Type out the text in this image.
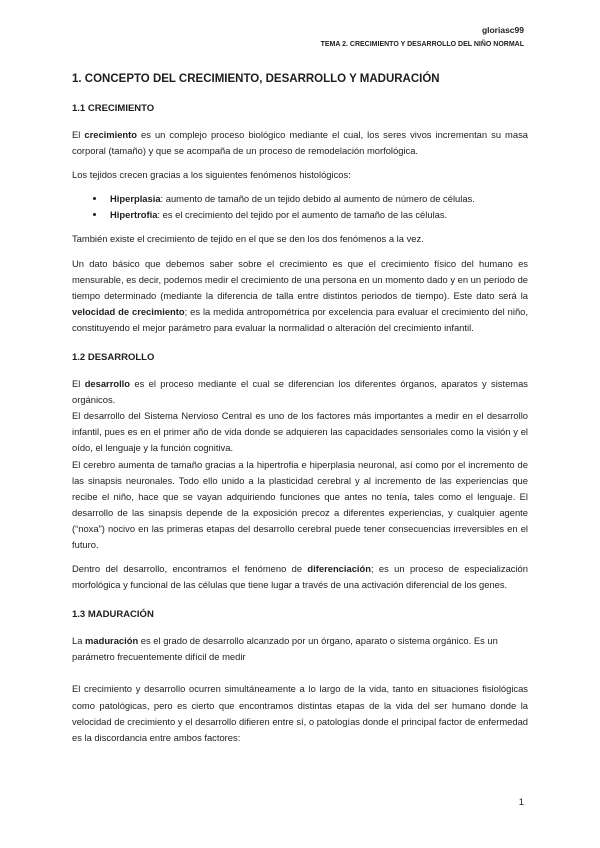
gloriasc99
TEMA 2. CRECIMIENTO Y DESARROLLO DEL NIÑO NORMAL
1. CONCEPTO DEL CRECIMIENTO, DESARROLLO Y MADURACIÓN
1.1 CRECIMIENTO

El crecimiento es un complejo proceso biológico mediante el cual, los seres vivos incrementan su masa corporal (tamaño) y que se acompaña de un proceso de remodelación morfológica.

Los tejidos crecen gracias a los siguientes fenómenos histológicos:

• Hiperplasia: aumento de tamaño de un tejido debido al aumento de número de células.
• Hipertrofia: es el crecimiento del tejido por el aumento de tamaño de las células.

También existe el crecimiento de tejido en el que se den los dos fenómenos a la vez.

Un dato básico que debemos saber sobre el crecimiento es que el crecimiento físico del humano es mensurable, es decir, podemos medir el crecimiento de una persona en un momento dado y en un periodo de tiempo determinado (mediante la diferencia de talla entre distintos periodos de tiempo). Este dato será la velocidad de crecimiento; es la medida antropométrica por excelencia para evaluar el crecimiento del niño, constituyendo el mejor parámetro para evaluar la normalidad o alteración del crecimiento infantil.

1.2 DESARROLLO

El desarrollo es el proceso mediante el cual se diferencian los diferentes órganos, aparatos y sistemas orgánicos.

El desarrollo del Sistema Nervioso Central es uno de los factores más importantes a medir en el desarrollo infantil, pues es en el primer año de vida donde se adquieren las capacidades sensoriales como la visión y el oído, el lenguaje y la función cognitiva.

El cerebro aumenta de tamaño gracias a la hipertrofia e hiperplasia neuronal, así como por el incremento de las sinapsis neuronales. Todo ello unido a la plasticidad cerebral y al incremento de las experiencias que recibe el niño, hace que se vayan adquiriendo funciones que antes no tenía, tales como el lenguaje. El desarrollo de las sinapsis depende de la exposición precoz a diferentes experiencias, y cualquier agente (“noxa”) nocivo en las primeras etapas del desarrollo cerebral puede tener consecuencias irreversibles en el futuro.

Dentro del desarrollo, encontramos el fenómeno de diferenciación; es un proceso de especialización morfológica y funcional de las células que tiene lugar a través de una activación diferencial de los genes.

1.3 MADURACIÓN

La maduración es el grado de desarrollo alcanzado por un órgano, aparato o sistema orgánico. Es un parámetro frecuentemente difícil de medir

El crecimiento y desarrollo ocurren simultáneamente a lo largo de la vida, tanto en situaciones fisiológicas como patológicas, pero es cierto que encontramos distintas etapas de la vida del ser humano donde la velocidad de crecimiento y el desarrollo difieren entre sí, o patologías donde el principal factor de enfermedad es la discordancia entre ambos factores:

1
